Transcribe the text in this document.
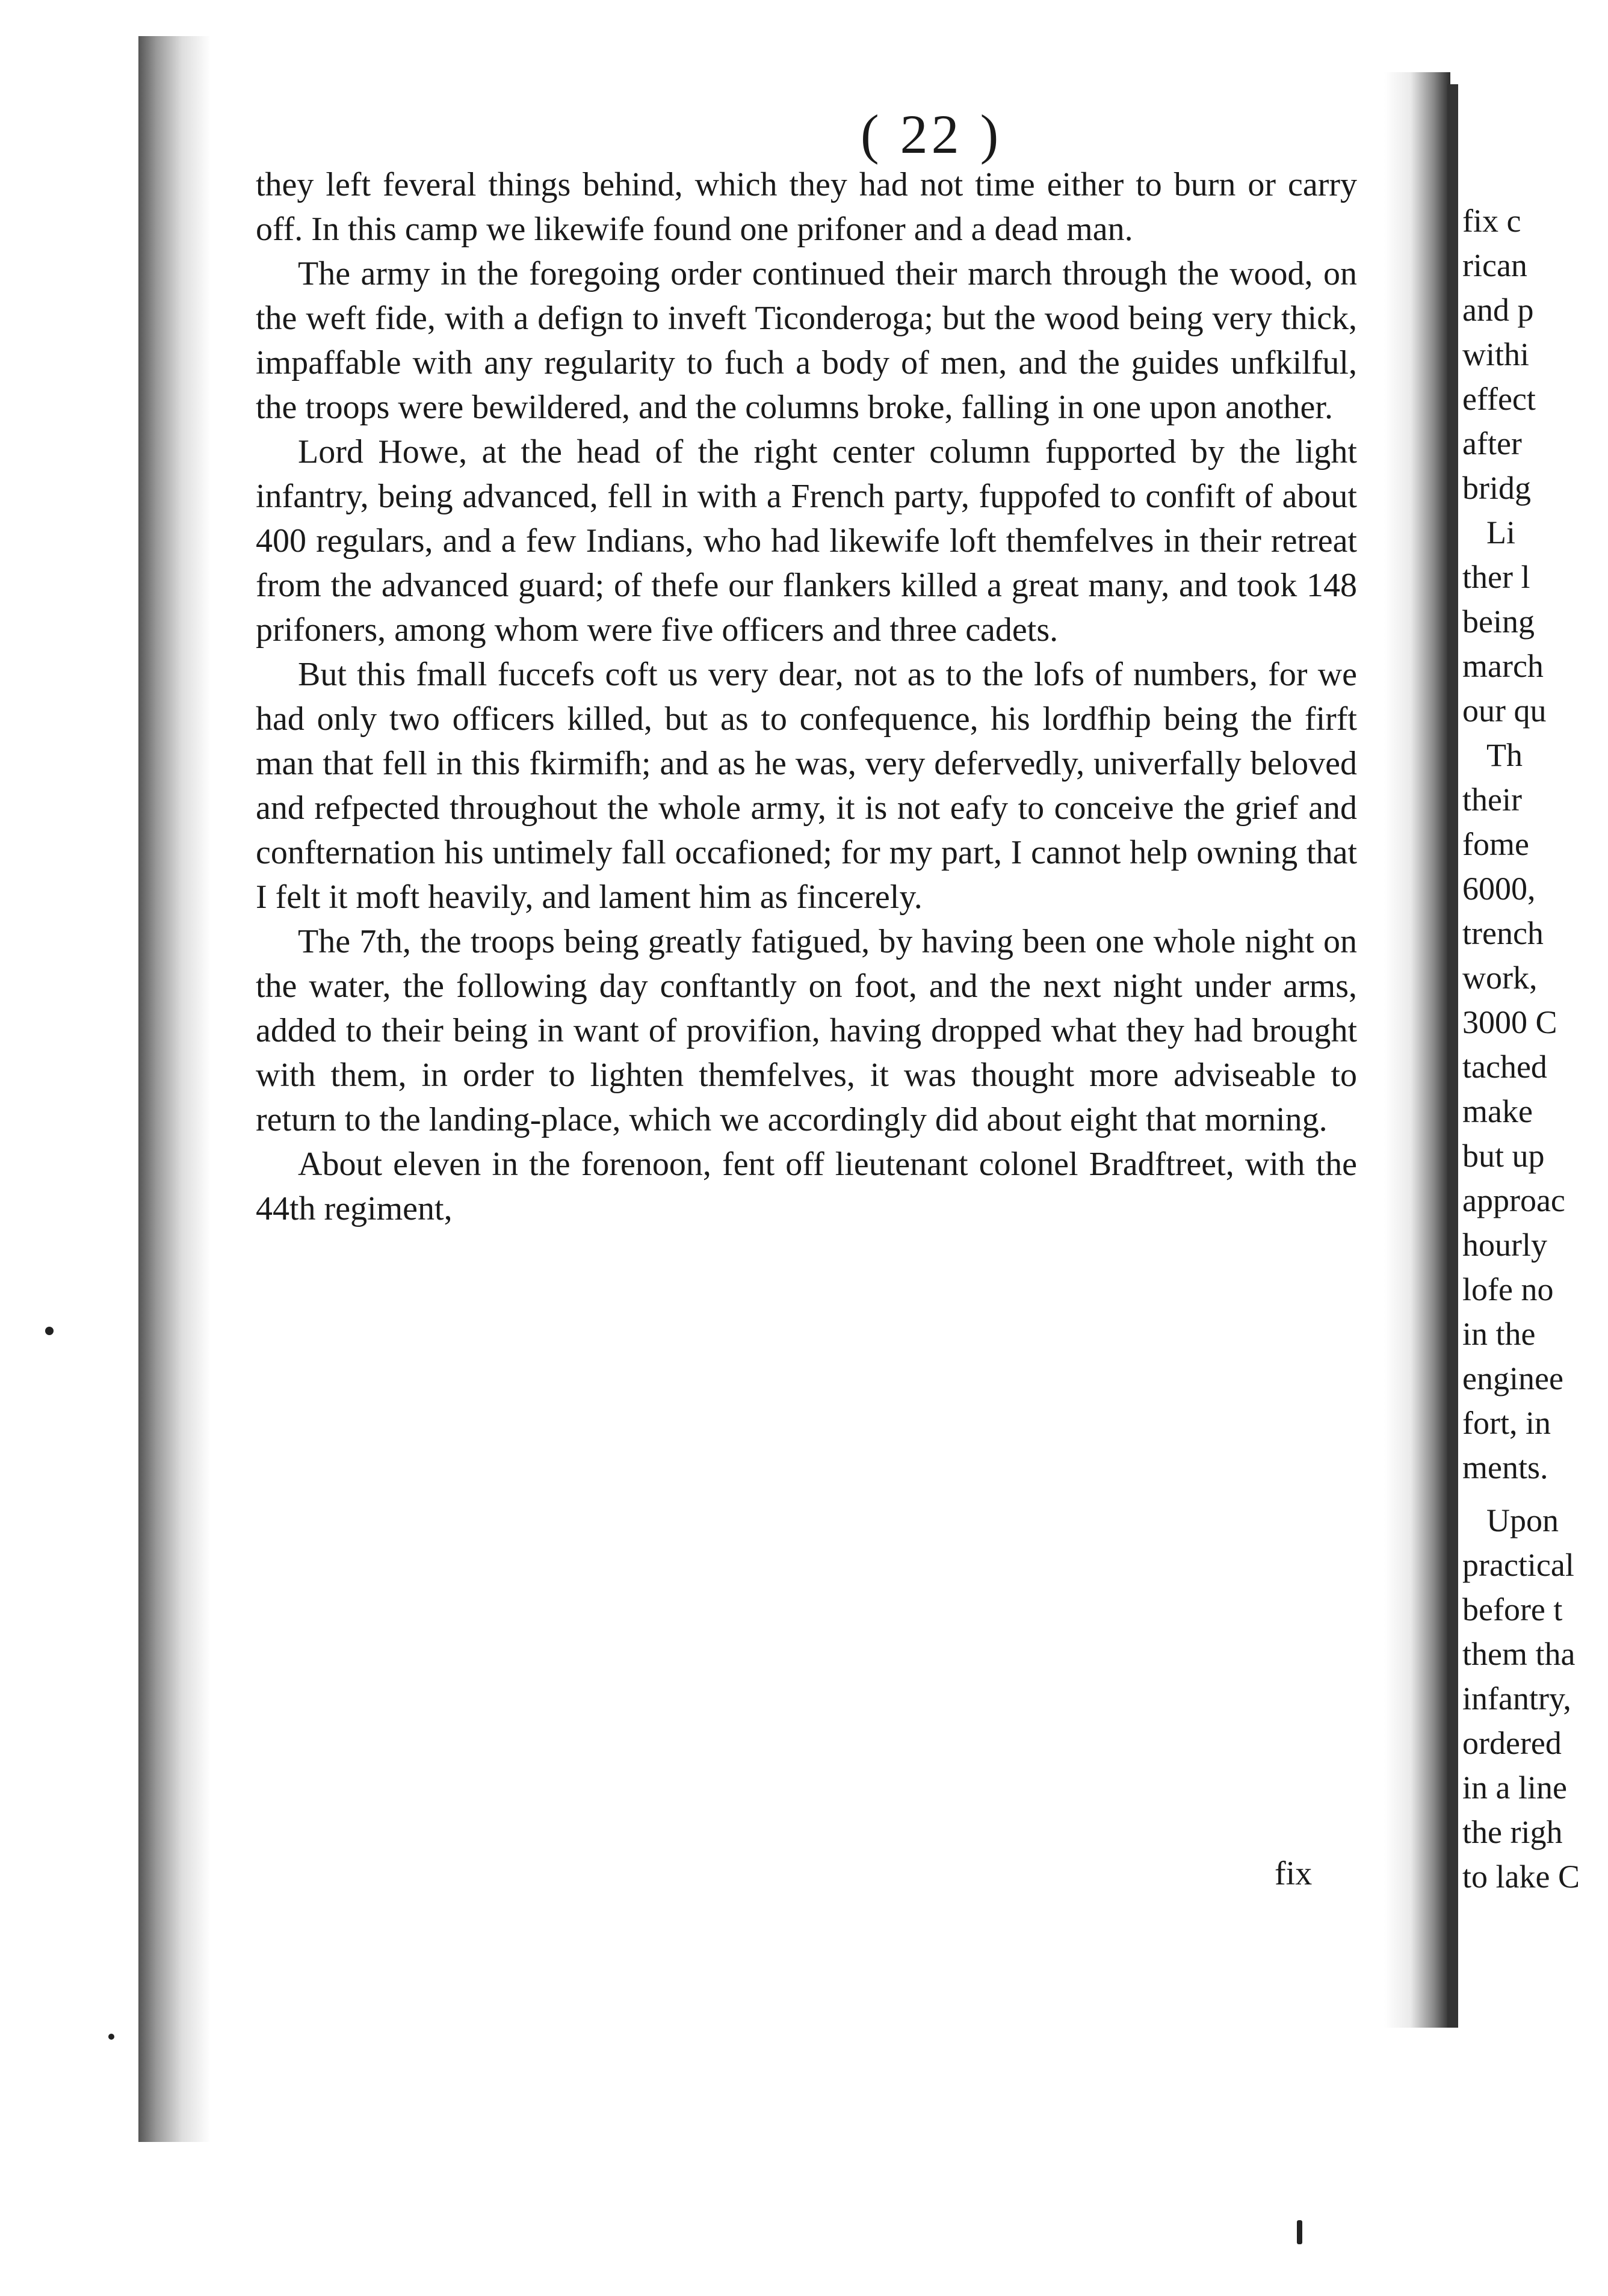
( 22 )

they left feveral things behind, which they had not time either to burn or carry off. In this camp we likewife found one prifoner and a dead man.

The army in the foregoing order continued their march through the wood, on the weft fide, with a defign to inveft Ticonderoga; but the wood being very thick, impaffable with any regularity to fuch a body of men, and the guides unfkilful, the troops were bewildered, and the columns broke, falling in one upon another.

Lord Howe, at the head of the right center column fupported by the light infantry, being advanced, fell in with a French party, fuppofed to confift of about 400 regulars, and a few Indians, who had likewife loft themfelves in their retreat from the advanced guard; of thefe our flankers killed a great many, and took 148 prifoners, among whom were five officers and three cadets.

But this fmall fuccefs coft us very dear, not as to the lofs of numbers, for we had only two officers killed, but as to confequence, his lordfhip being the firft man that fell in this fkirmifh; and as he was, very defervedly, univerfally beloved and refpected throughout the whole army, it is not eafy to conceive the grief and confternation his untimely fall occafioned; for my part, I cannot help owning that I felt it moft heavily, and lament him as fincerely.

The 7th, the troops being greatly fatigued, by having been one whole night on the water, the following day conftantly on foot, and the next night under arms, added to their being in want of provifion, having dropped what they had brought with them, in order to lighten themfelves, it was thought more adviseable to return to the landing-place, which we accordingly did about eight that morning.

About eleven in the forenoon, fent off lieutenant colonel Bradftreet, with the 44th regiment,

fix
fix c
rican
and p
withi
effect
after
bridg
Li
ther l
being
march
our qu
Th
their
fome
6000,
trench
work,
3000 C
tached
make
but up
approac
hourly
lofe no
in the
enginee
fort, in
ments.
Upon
practical
before t
them tha
infantry,
ordered
in a line
the righ
to lake C
